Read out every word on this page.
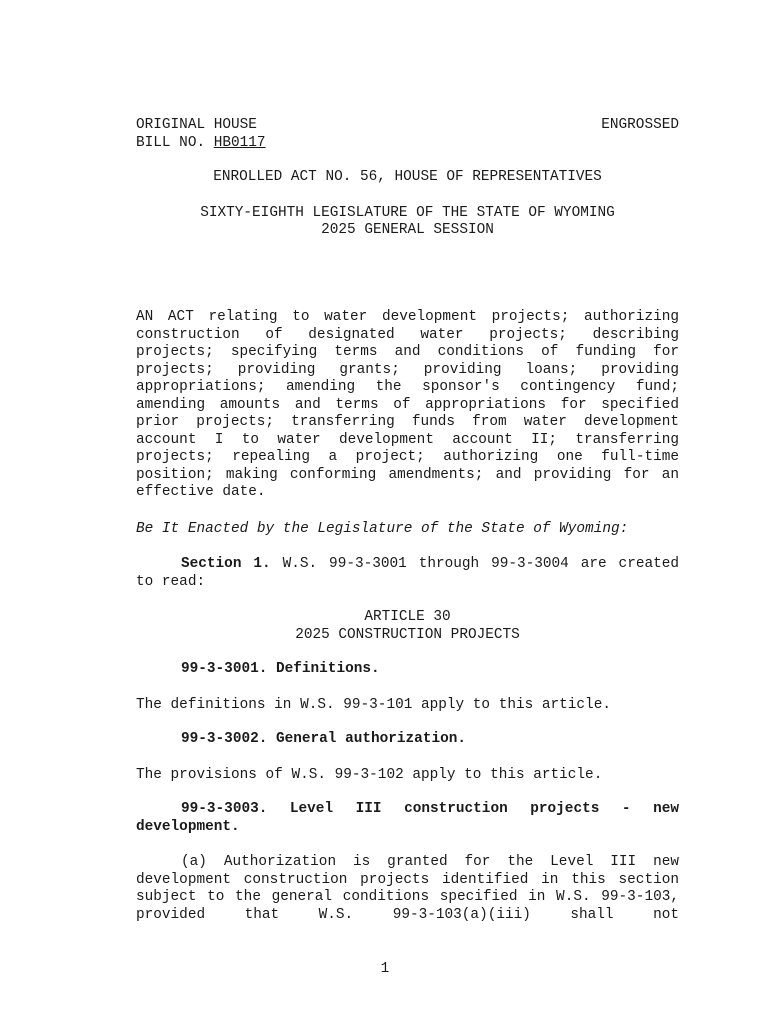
ORIGINAL HOUSE
BILL NO. HB0117
ENGROSSED
ENROLLED ACT NO. 56, HOUSE OF REPRESENTATIVES
SIXTY-EIGHTH LEGISLATURE OF THE STATE OF WYOMING
2025 GENERAL SESSION

AN ACT relating to water development projects; authorizing construction of designated water projects; describing projects; specifying terms and conditions of funding for projects; providing grants; providing loans; providing appropriations; amending the sponsor's contingency fund; amending amounts and terms of appropriations for specified prior projects; transferring funds from water development account I to water development account II; transferring projects; repealing a project; authorizing one full-time position; making conforming amendments; and providing for an effective date.

Be It Enacted by the Legislature of the State of Wyoming:

Section 1. W.S. 99-3-3001 through 99-3-3004 are created to read:

ARTICLE 30
2025 CONSTRUCTION PROJECTS
99-3-3001. Definitions.
The definitions in W.S. 99-3-101 apply to this article.
99-3-3002. General authorization.
The provisions of W.S. 99-3-102 apply to this article.
99-3-3003. Level III construction projects - new
development.

(a) Authorization is granted for the Level III new development construction projects identified in this section subject to the general conditions specified in W.S. 99-3-103, provided that W.S. 99-3-103(a)(iii) shall not

1
